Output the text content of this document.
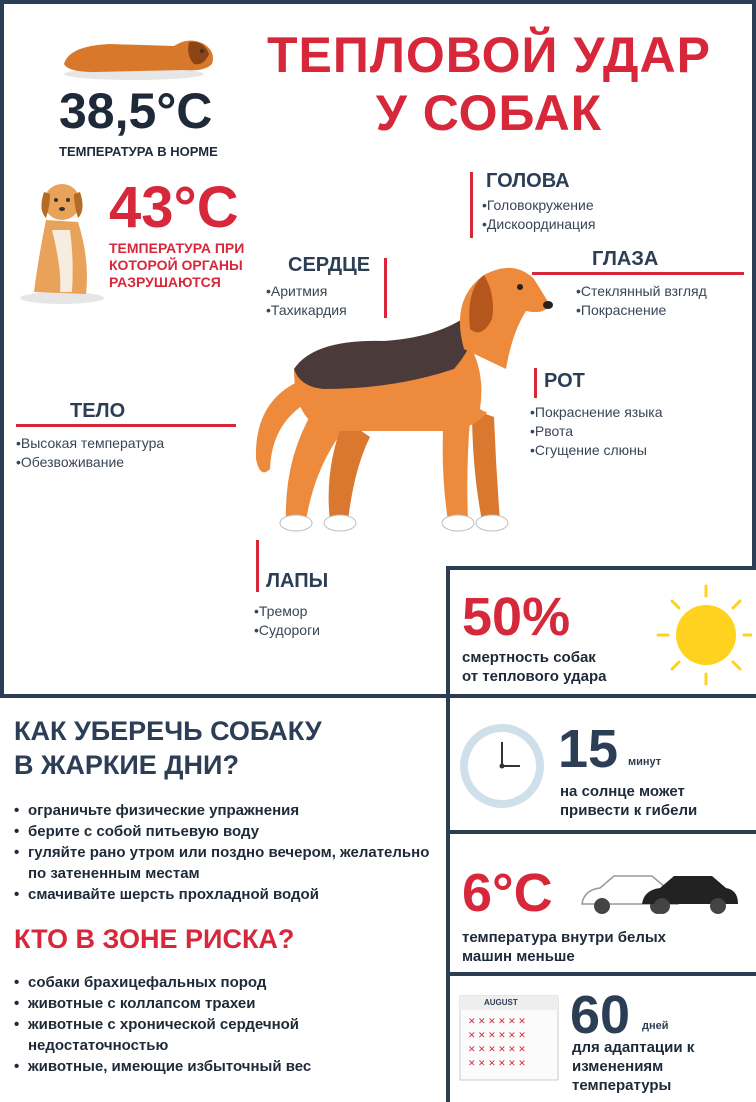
38,5°С
ТЕМПЕРАТУРА В НОРМЕ
ТЕПЛОВОЙ УДАР
У СОБАК
43°С
ТЕМПЕРАТУРА ПРИ КОТОРОЙ ОРГАНЫ РАЗРУШАЮТСЯ
ГОЛОВА
•Головокружение
•Дискоординация
ГЛАЗА
•Стеклянный взгляд
•Покраснение
СЕРДЦЕ
•Аритмия
•Тахикардия
РОТ
•Покраснение языка
•Рвота
•Сгущение слюны
ТЕЛО
•Высокая температура
•Обезвоживание
ЛАПЫ
•Тремор
•Судороги	50%
смертность собак
от теплового удара
15 минут
на солнце может
привести к гибели
6°С
температура внутри белых
машин меньше
✕ ✕ ✕ ✕ ✕ ✕
✕ ✕ ✕ ✕ ✕ ✕
✕ ✕ ✕ ✕ ✕ ✕
✕ ✕ ✕ ✕ ✕ ✕
AUGUST 60 дней
для адаптации к
изменениям
температуры
КАК УБЕРЕЧЬ СОБАКУ
В ЖАРКИЕ ДНИ?
• ограничьте физические упражнения
• берите с собой питьевую воду
• гуляйте рано утром или поздно вечером, желательно по затененным местам
• смачивайте шерсть прохладной водой
КТО В ЗОНЕ РИСКА?
• собаки брахицефальных пород
• животные с коллапсом трахеи
• животные с хронической сердечной недостаточностью
• животные, имеющие избыточный вес
